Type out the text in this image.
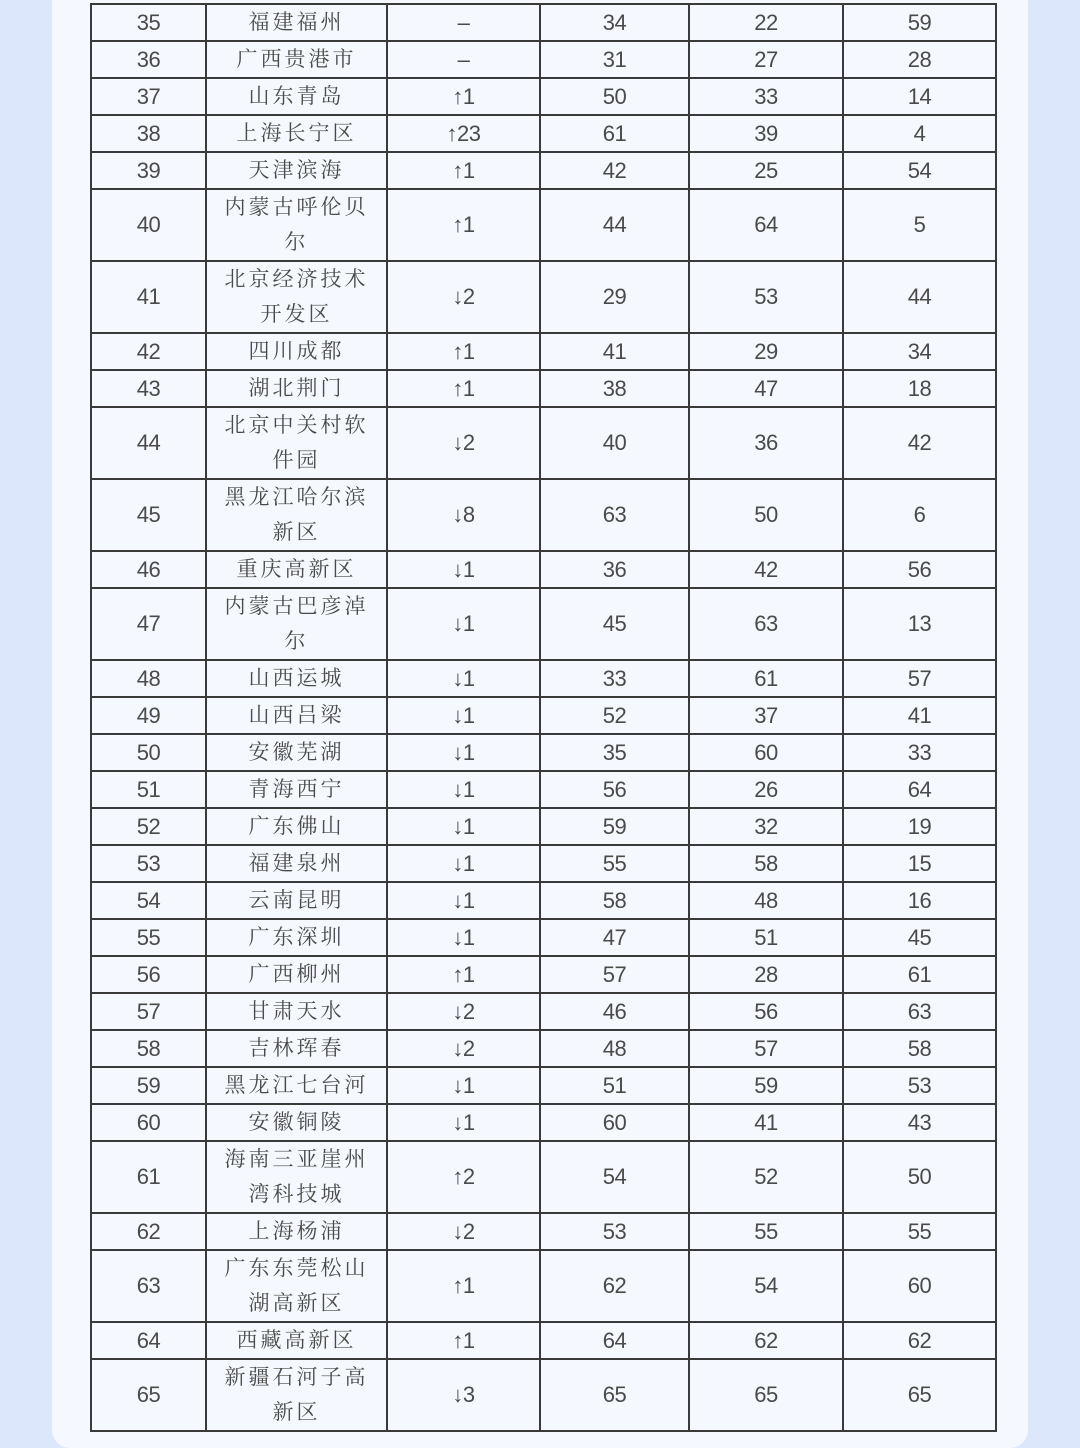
35	福建福州	–	34	22	59
36	广西贵港市	–	31	27	28
37	山东青岛	↑1	50	33	14
38	上海长宁区	↑23	61	39	4
39	天津滨海	↑1	42	25	54
40	内蒙古呼伦贝尔	↑1	44	64	5
41	北京经济技术开发区	↓2	29	53	44
42	四川成都	↑1	41	29	34
43	湖北荆门	↑1	38	47	18
44	北京中关村软件园	↓2	40	36	42
45	黑龙江哈尔滨新区	↓8	63	50	6
46	重庆高新区	↓1	36	42	56
47	内蒙古巴彦淖尔	↓1	45	63	13
48	山西运城	↓1	33	61	57
49	山西吕梁	↓1	52	37	41
50	安徽芜湖	↓1	35	60	33
51	青海西宁	↓1	56	26	64
52	广东佛山	↓1	59	32	19
53	福建泉州	↓1	55	58	15
54	云南昆明	↓1	58	48	16
55	广东深圳	↓1	47	51	45
56	广西柳州	↑1	57	28	61
57	甘肃天水	↓2	46	56	63
58	吉林珲春	↓2	48	57	58
59	黑龙江七台河	↓1	51	59	53
60	安徽铜陵	↓1	60	41	43
61	海南三亚崖州湾科技城	↑2	54	52	50
62	上海杨浦	↓2	53	55	55
63	广东东莞松山湖高新区	↑1	62	54	60
64	西藏高新区	↑1	64	62	62
65	新疆石河子高新区	↓3	65	65	65
